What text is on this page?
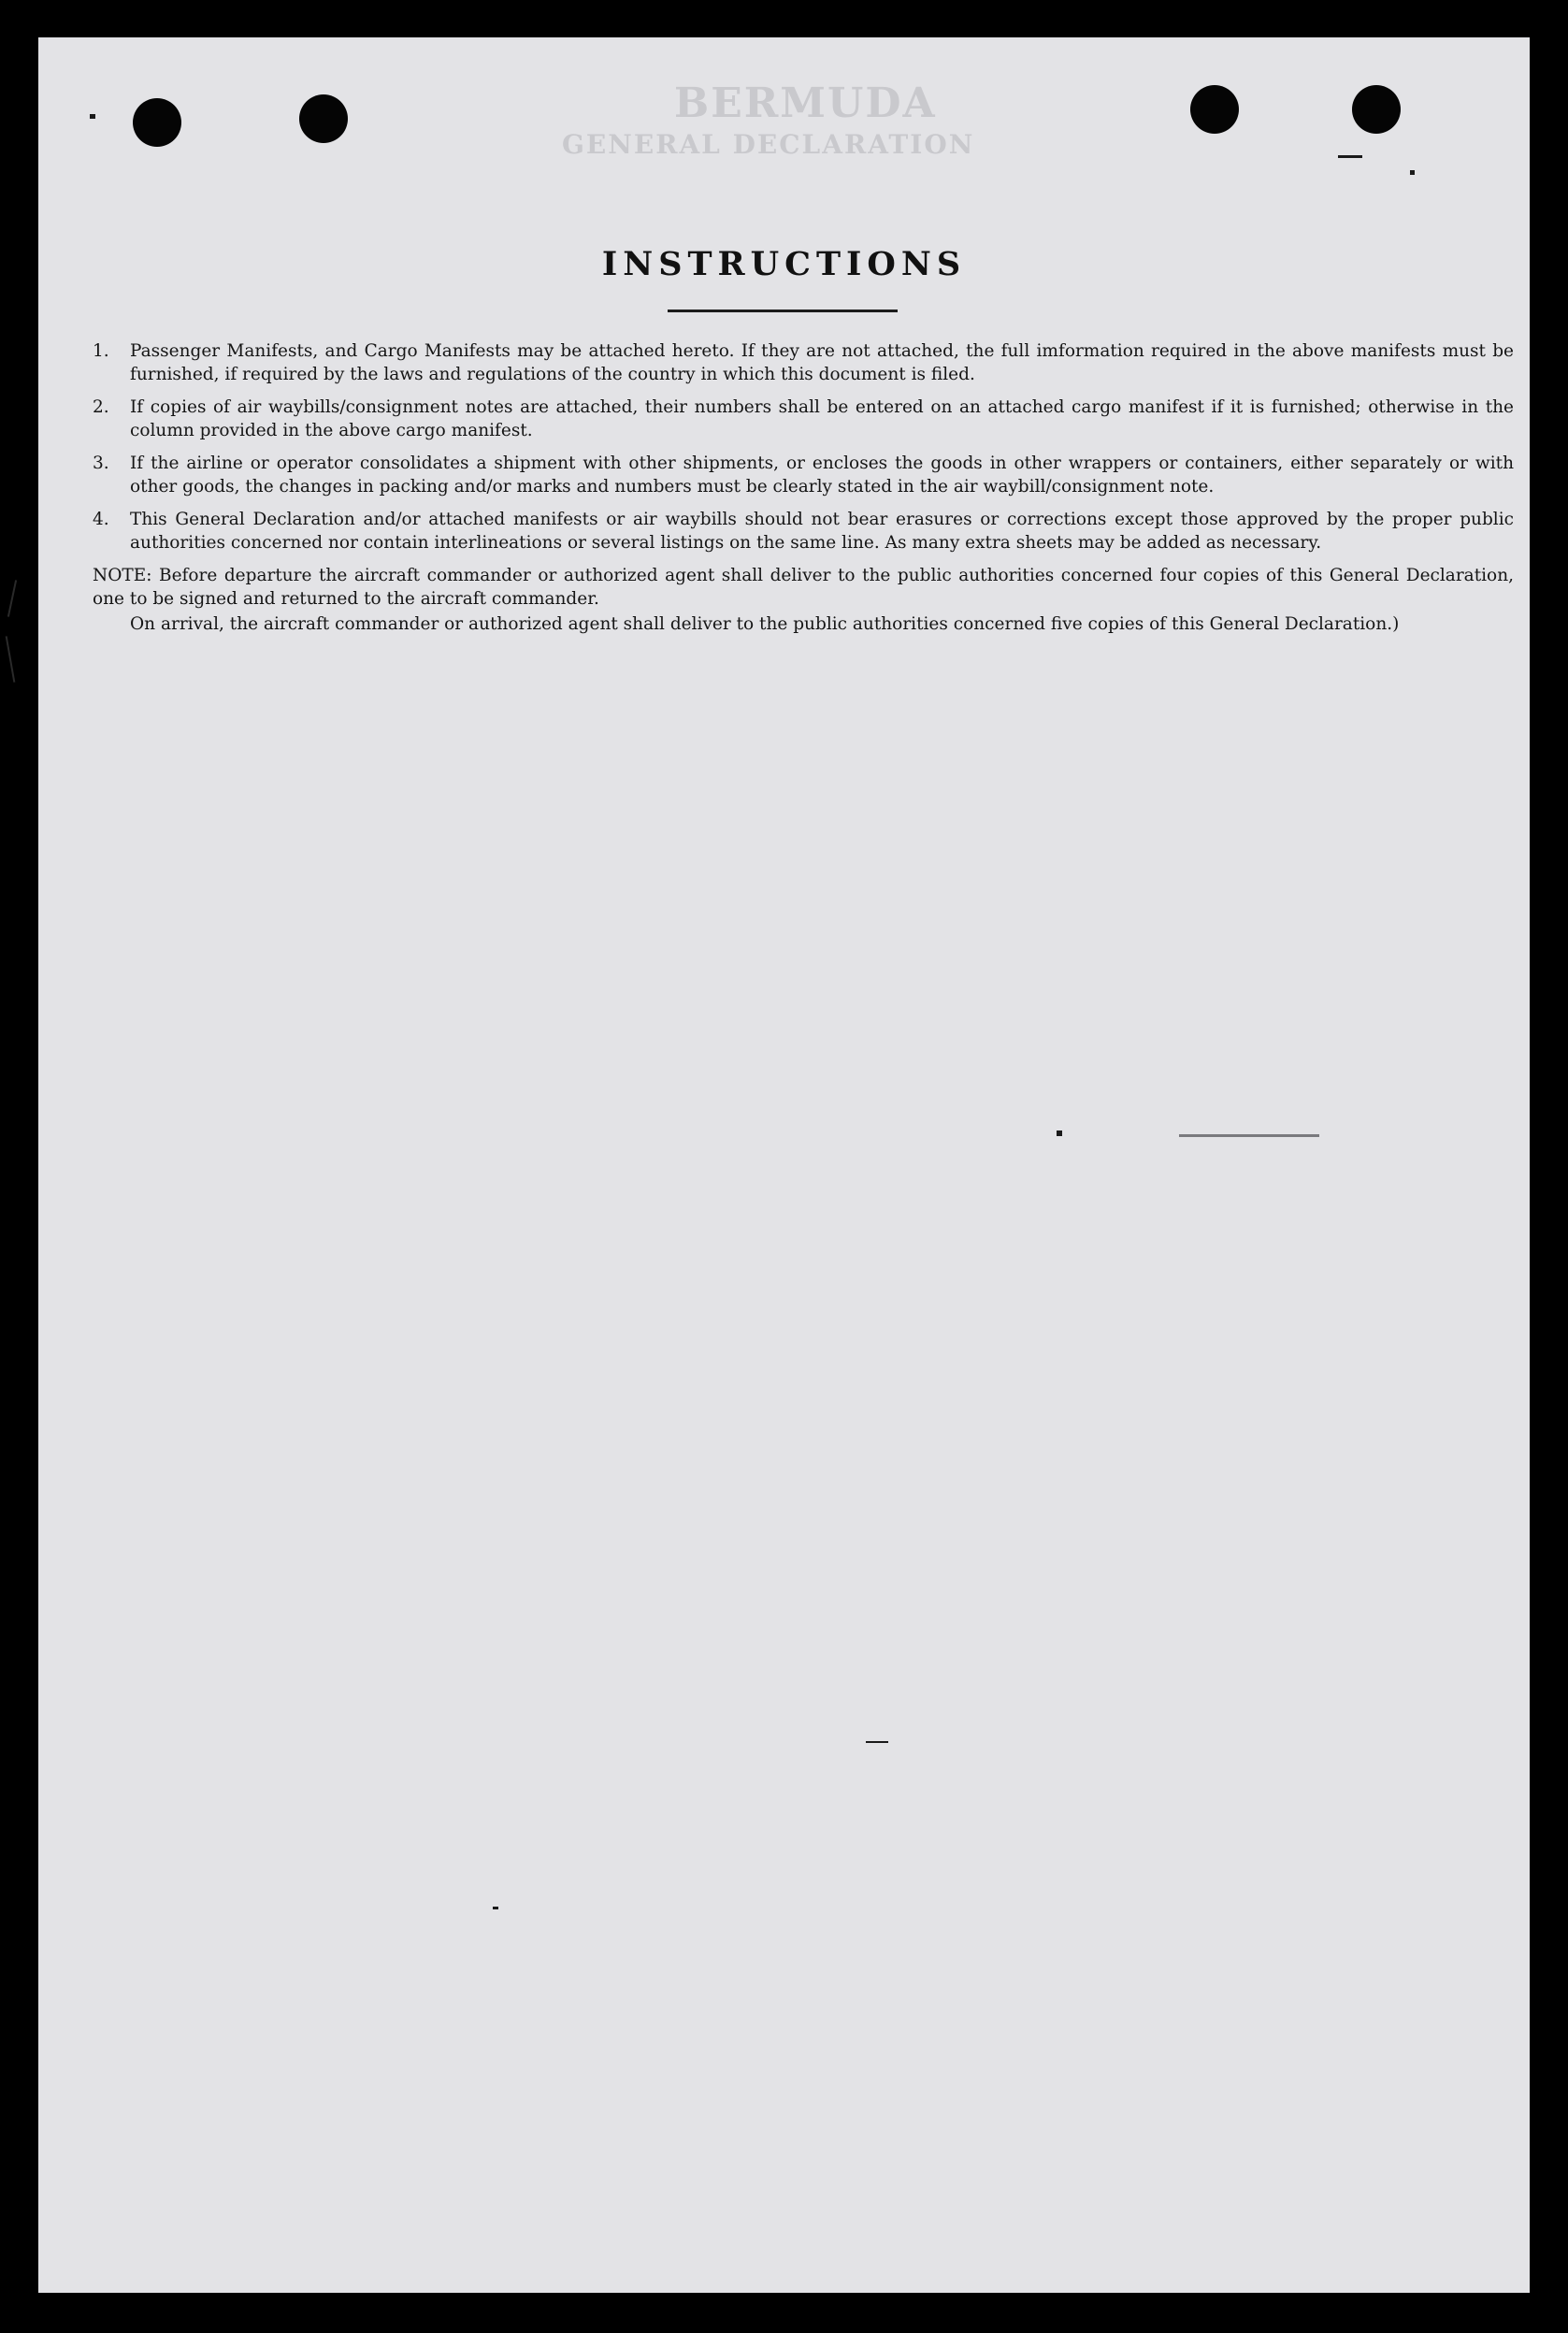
BERMUDA
GENERAL DECLARATION
INSTRUCTIONS
1. Passenger Manifests, and Cargo Manifests may be attached hereto. If they are not attached, the full imformation required in the above manifests must be furnished, if required by the laws and regulations of the country in which this document is filed.
2. If copies of air waybills/consignment notes are attached, their numbers shall be entered on an attached cargo manifest if it is furnished; otherwise in the column provided in the above cargo manifest.
3. If the airline or operator consolidates a shipment with other shipments, or encloses the goods in other wrappers or containers, either separately or with other goods, the changes in packing and/or marks and numbers must be clearly stated in the air waybill/consignment note.
4. This General Declaration and/or attached manifests or air waybills should not bear erasures or corrections except those approved by the proper public authorities concerned nor contain interlineations or several listings on the same line. As many extra sheets may be added as necessary.
NOTE: Before departure the aircraft commander or authorized agent shall deliver to the public authorities concerned four copies of this General Declaration, one to be signed and returned to the aircraft commander.
On arrival, the aircraft commander or authorized agent shall deliver to the public authorities concerned five copies of this General Declaration.)
